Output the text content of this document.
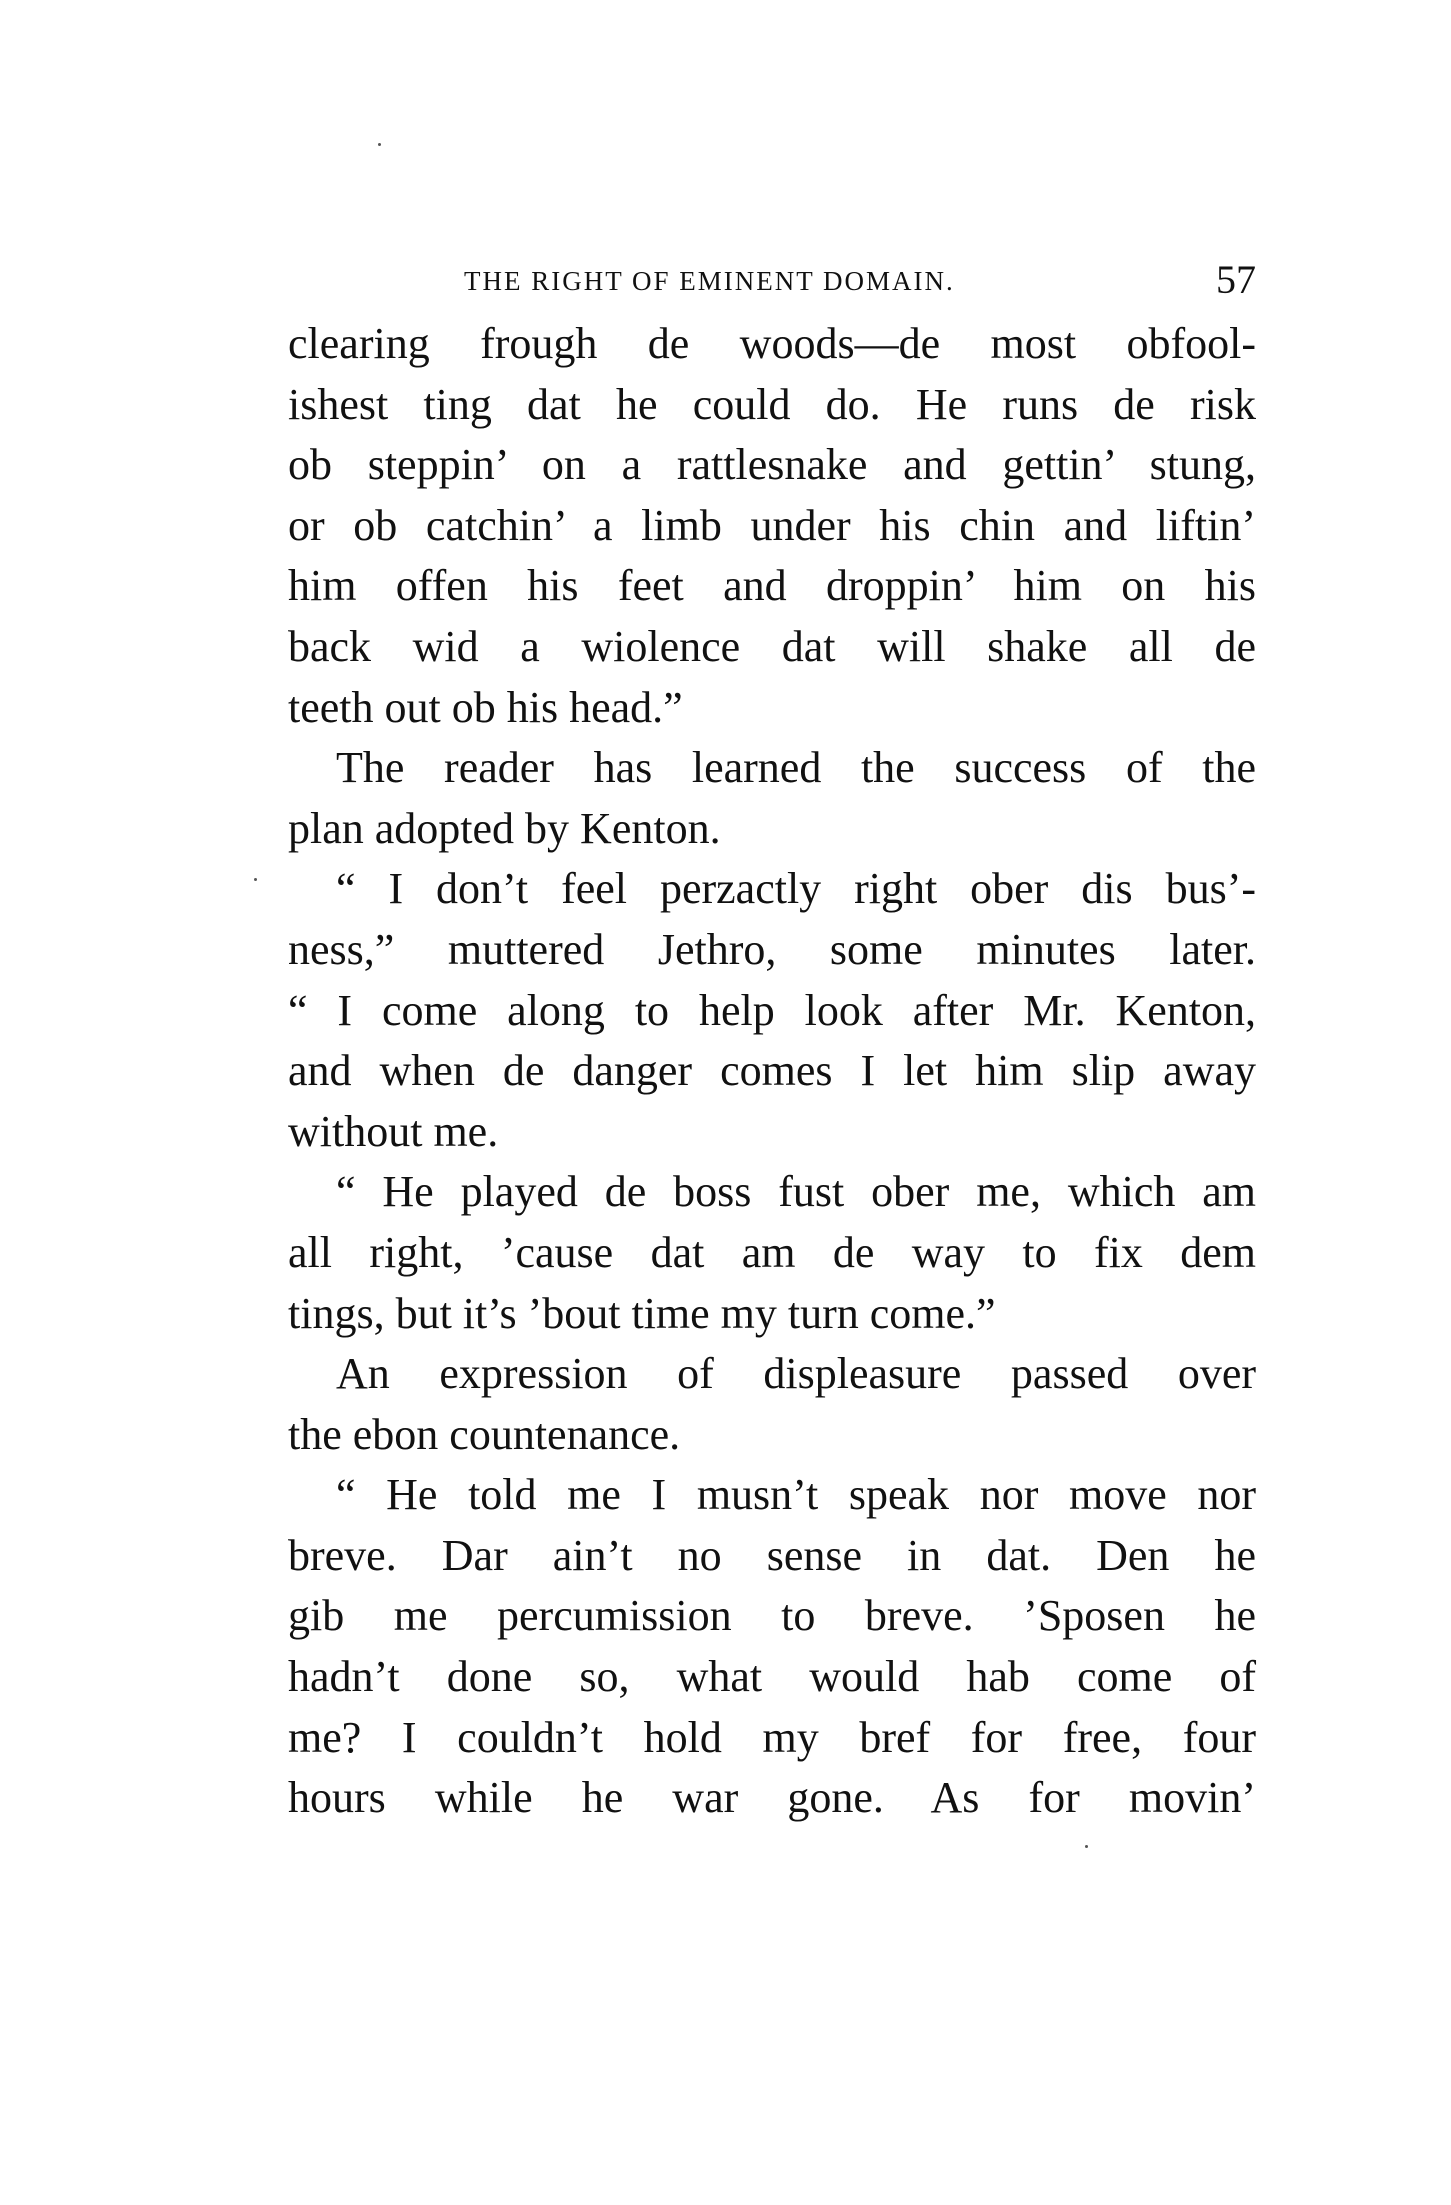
THE RIGHT OF EMINENT DOMAIN.	57
clearing frough de woods—de most obfool-
ishest ting dat he could do. He runs de risk
ob steppin’ on a rattlesnake and gettin’ stung,
or ob catchin’ a limb under his chin and liftin’
him offen his feet and droppin’ him on his
back wid a wiolence dat will shake all de
teeth out ob his head.”
The reader has learned the success of the
plan adopted by Kenton.
“ I don’t feel perzactly right ober dis bus’-
ness,” muttered Jethro, some minutes later.
“ I come along to help look after Mr. Kenton,
and when de danger comes I let him slip away
without me.
“ He played de boss fust ober me, which am
all right, ’cause dat am de way to fix dem
tings, but it’s ’bout time my turn come.”
An expression of displeasure passed over
the ebon countenance.
“ He told me I musn’t speak nor move nor
breve. Dar ain’t no sense in dat. Den he
gib me percumission to breve. ’Sposen he
hadn’t done so, what would hab come of
me? I couldn’t hold my bref for free, four
hours while he war gone. As for movin’
